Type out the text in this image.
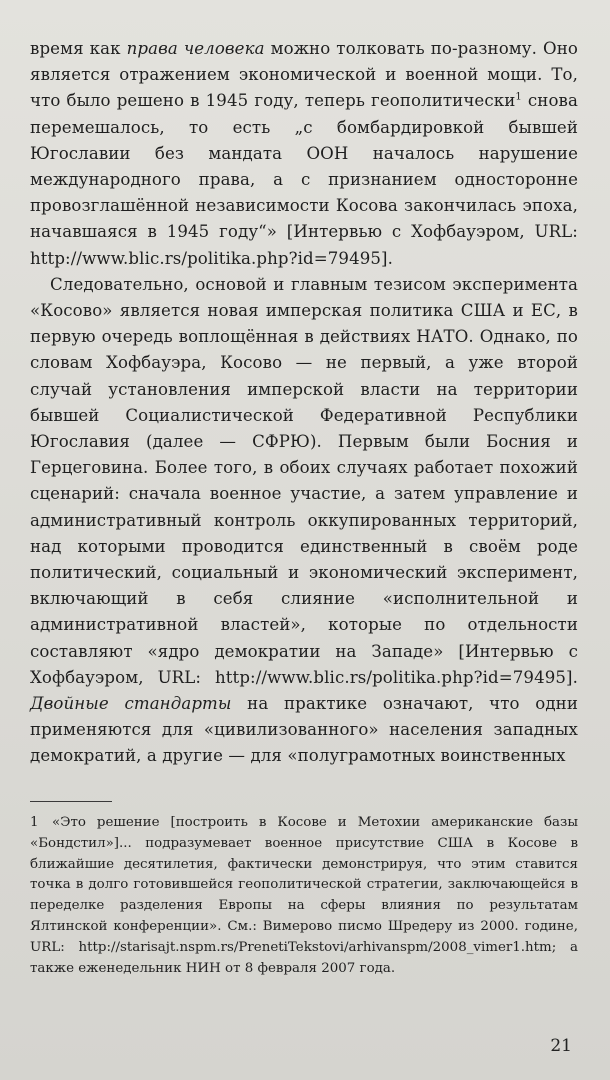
время как права человека можно толковать по-разному. Оно является отражением экономической и военной мощи. То, что было решено в 1945 году, теперь геополитически$^1$ снова перемешалось, то есть „с бомбардировкой бывшей Югославии без мандата ООН началось нарушение международного права, а с признанием односторонне провозглашённой независимости Косова закончилась эпоха, начавшаяся в 1945 году“» [Интервью с Хофбауэром, URL: http://www.blic.rs/politika.php?id=79495].

Следовательно, основой и главным тезисом эксперимента «Косово» является новая имперская политика США и ЕС, в первую очередь воплощённая в действиях НАТО. Однако, по словам Хофбауэра, Косово — не первый, а уже второй случай установления имперской власти на территории бывшей Социалистической Федеративной Республики Югославия (далее — СФРЮ). Первым были Босния и Герцеговина. Более того, в обоих случаях работает похожий сценарий: сначала военное участие, а затем управление и административный контроль оккупированных территорий, над которыми проводится единственный в своём роде политический, социальный и экономический эксперимент, включающий в себя слияние «исполнительной и административной властей», которые по отдельности составляют «ядро демократии на Западе» [Интервью с Хофбауэром, URL: http://www.blic.rs/politika.php?id=79495]. Двойные стандарты на практике означают, что одни применяются для «цивилизованного» населения западных демократий, а другие — для «полуграмотных воинственных

1 «Это решение [построить в Косове и Метохии американские базы «Бондстил»]... подразумевает военное присутствие США в Косове в ближайшие десятилетия, фактически демонстрируя, что этим ставится точка в долго готовившейся геополитической стратегии, заключающейся в переделке разделения Европы на сферы влияния по результатам Ялтинской конференции». См.: Вимерово писмо Шредеру из 2000. године, URL: http://starisajt.nspm.rs/PrenetiTekstovi/arhivanspm/2008_vimer1.htm; а также еженедельник НИН от 8 февраля 2007 года.
21
